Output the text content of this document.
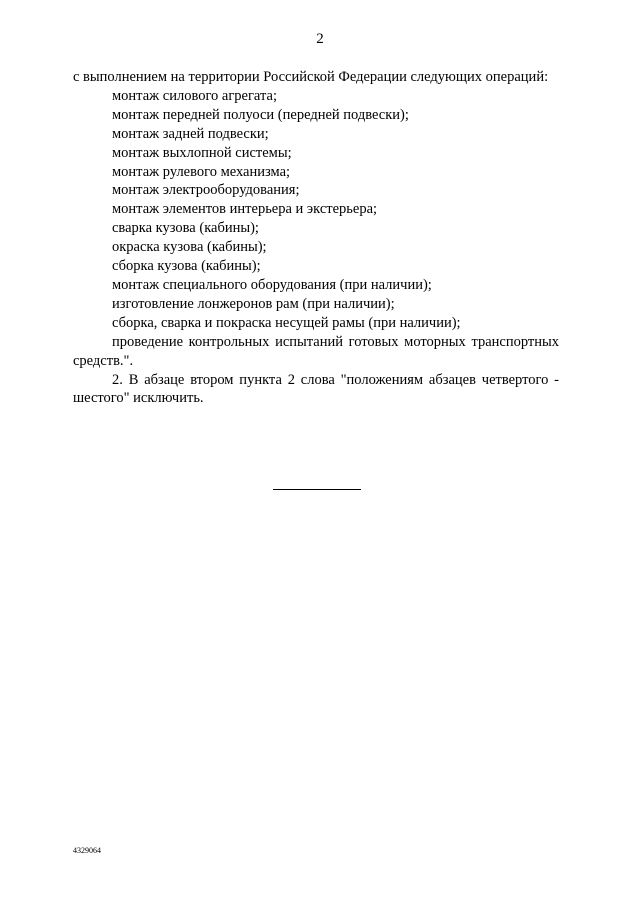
2

с выполнением на территории Российской Федерации следующих операций:

монтаж силового агрегата;
монтаж передней полуоси (передней подвески);
монтаж задней подвески;
монтаж выхлопной системы;
монтаж рулевого механизма;
монтаж электрооборудования;
монтаж элементов интерьера и экстерьера;
сварка кузова (кабины);
окраска кузова (кабины);
сборка кузова (кабины);
монтаж специального оборудования (при наличии);
изготовление лонжеронов рам (при наличии);
сборка, сварка и покраска несущей рамы (при наличии);
проведение контрольных испытаний готовых моторных транспортных средств.".

2. В абзаце втором пункта 2 слова "положениям абзацев четвертого - шестого" исключить.

4329064
